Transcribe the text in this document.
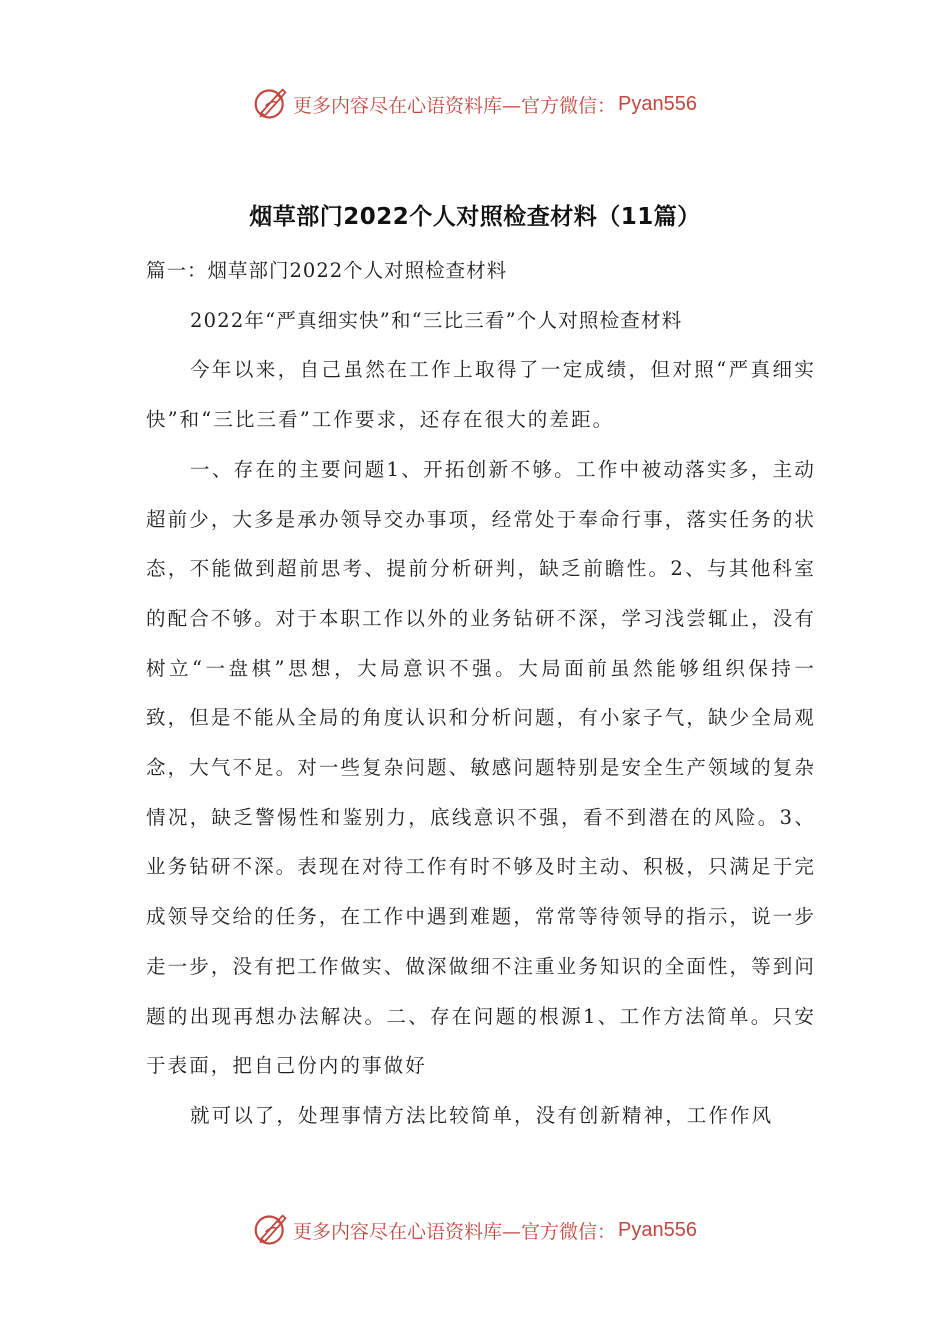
更多内容尽在心语资料库—官方微信： Pyan556
烟草部门2022个人对照检查材料（11篇）

篇一：烟草部门2022个人对照检查材料

2022年“严真细实快”和“三比三看”个人对照检查材料

今年以来，自己虽然在工作上取得了一定成绩，但对照“严真细实快”和“三比三看”工作要求，还存在很大的差距。

一、存在的主要问题1、开拓创新不够。工作中被动落实多，主动超前少，大多是承办领导交办事项，经常处于奉命行事，落实任务的状态，不能做到超前思考、提前分析研判，缺乏前瞻性。2、与其他科室的配合不够。对于本职工作以外的业务钻研不深，学习浅尝辄止，没有树立“一盘棋”思想，大局意识不强。大局面前虽然能够组织保持一致，但是不能从全局的角度认识和分析问题，有小家子气，缺少全局观念，大气不足。对一些复杂问题、敏感问题特别是安全生产领域的复杂情况，缺乏警惕性和鉴别力，底线意识不强，看不到潜在的风险。3、业务钻研不深。表现在对待工作有时不够及时主动、积极，只满足于完成领导交给的任务，在工作中遇到难题，常常等待领导的指示，说一步走一步，没有把工作做实、做深做细不注重业务知识的全面性，等到问题的出现再想办法解决。二、存在问题的根源1、工作方法简单。只安于表面，把自己份内的事做好

就可以了，处理事情方法比较简单，没有创新精神，工作作风

更多内容尽在心语资料库—官方微信： Pyan556
